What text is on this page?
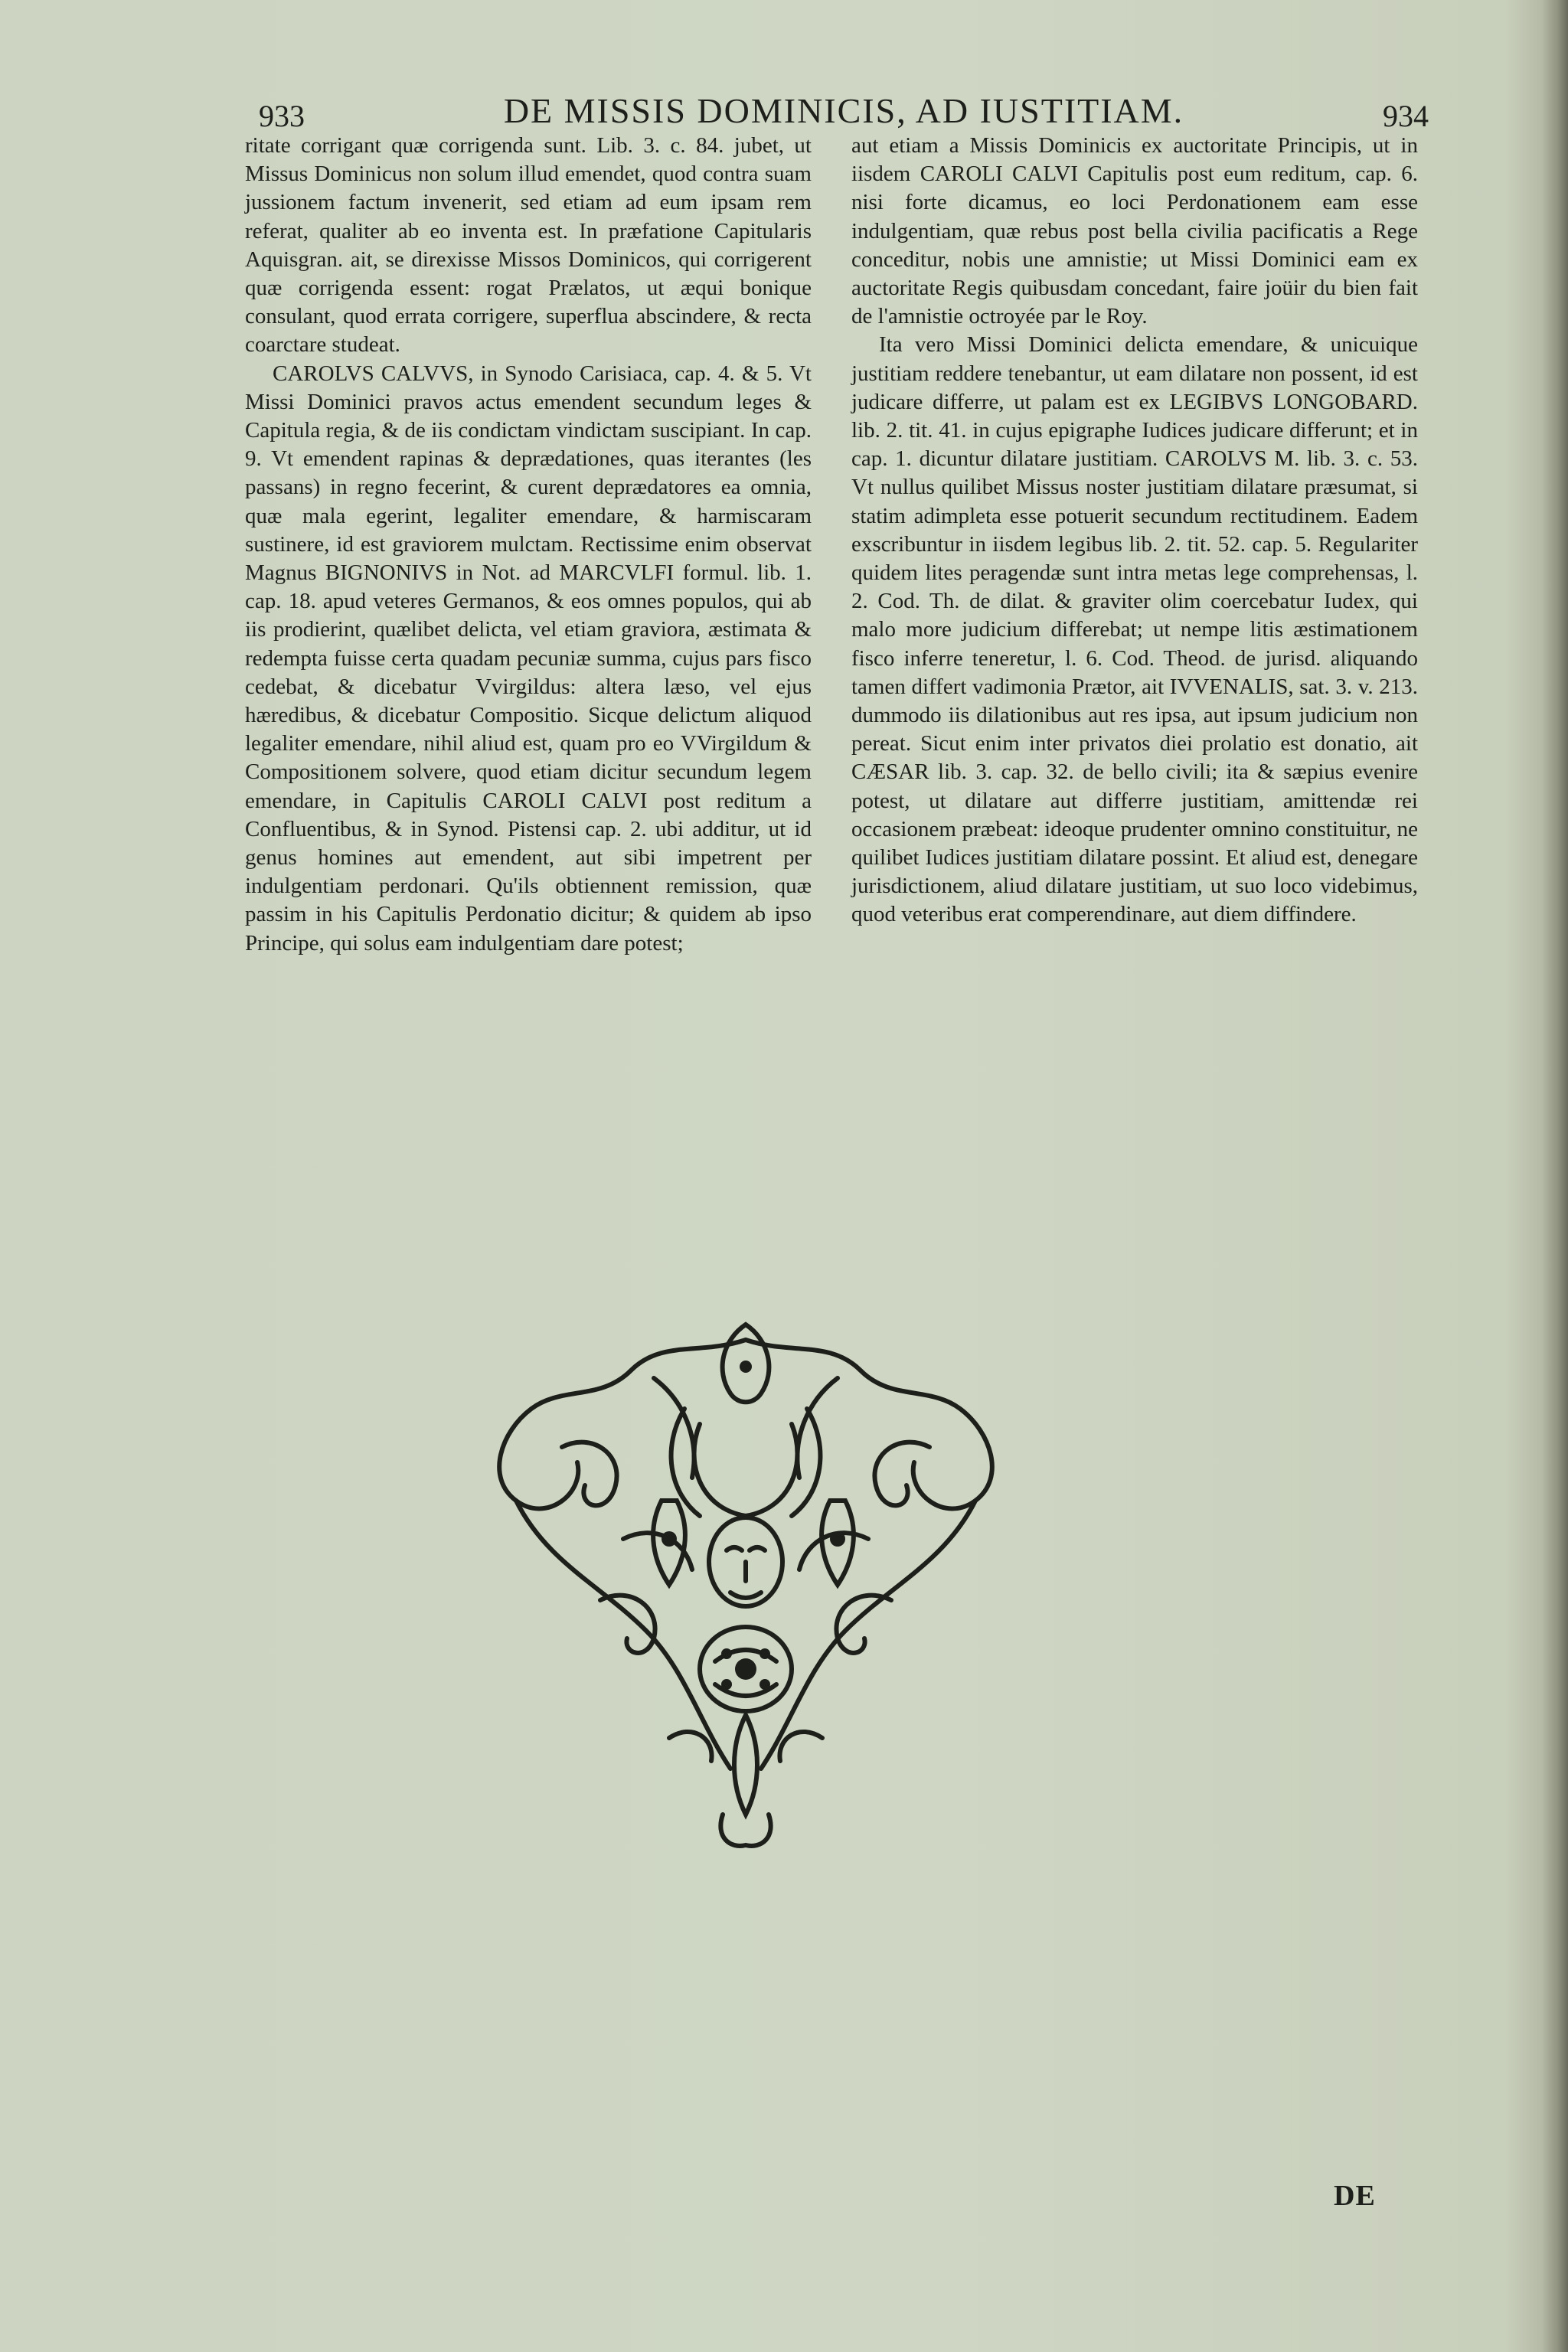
933	DE MISSIS DOMINICIS, AD IUSTITIAM.	934

ritate corrigant quæ corrigenda sunt. Lib. 3. c. 84. jubet, ut Missus Dominicus non solum illud emendet, quod contra suam jussionem factum invenerit, sed etiam ad eum ipsam rem referat, qualiter ab eo inventa est. In præfatione Capitularis Aquisgran. ait, se direxisse Missos Dominicos, qui corrigerent quæ corrigenda essent: rogat Prælatos, ut æqui bonique consulant, quod errata corrigere, superflua abscindere, & recta coarctare studeat.

CAROLVS CALVVS, in Synodo Carisiaca, cap. 4. & 5. Vt Missi Dominici pravos actus emendent secundum leges & Capitula regia, & de iis condictam vindictam suscipiant. In cap. 9. Vt emendent rapinas & deprædationes, quas iterantes (les passans) in regno fecerint, & curent deprædatores ea omnia, quæ mala egerint, legaliter emendare, & harmiscaram sustinere, id est graviorem mulctam. Rectissime enim observat Magnus BIGNONIVS in Not. ad MARCVLFI formul. lib. 1. cap. 18. apud veteres Germanos, & eos omnes populos, qui ab iis prodierint, quælibet delicta, vel etiam graviora, æstimata & redempta fuisse certa quadam pecuniæ summa, cujus pars fisco cedebat, & dicebatur Vvirgildus: altera læso, vel ejus hæredibus, & dicebatur Compositio. Sicque delictum aliquod legaliter emendare, nihil aliud est, quam pro eo VVirgildum & Compositionem solvere, quod etiam dicitur secundum legem emendare, in Capitulis CAROLI CALVI post reditum a Confluentibus, & in Synod. Pistensi cap. 2. ubi additur, ut id genus homines aut emendent, aut sibi impetrent per indulgentiam perdonari. Qu'ils obtiennent remission, quæ passim in his Capitulis Perdonatio dicitur; & quidem ab ipso Principe, qui solus eam indulgentiam dare potest;

aut etiam a Missis Dominicis ex auctoritate Principis, ut in iisdem CAROLI CALVI Capitulis post eum reditum, cap. 6. nisi forte dicamus, eo loci Perdonationem eam esse indulgentiam, quæ rebus post bella civilia pacificatis a Rege conceditur, nobis une amnistie; ut Missi Dominici eam ex auctoritate Regis quibusdam concedant, faire joüir du bien fait de l'amnistie octroyée par le Roy.

Ita vero Missi Dominici delicta emendare, & unicuique justitiam reddere tenebantur, ut eam dilatare non possent, id est judicare differre, ut palam est ex LEGIBVS LONGOBARD. lib. 2. tit. 41. in cujus epigraphe Iudices judicare differunt; et in cap. 1. dicuntur dilatare justitiam. CAROLVS M. lib. 3. c. 53. Vt nullus quilibet Missus noster justitiam dilatare præsumat, si statim adimpleta esse potuerit secundum rectitudinem. Eadem exscribuntur in iisdem legibus lib. 2. tit. 52. cap. 5. Regulariter quidem lites peragendæ sunt intra metas lege comprehensas, l. 2. Cod. Th. de dilat. & graviter olim coercebatur Iudex, qui malo more judicium differebat; ut nempe litis æstimationem fisco inferre teneretur, l. 6. Cod. Theod. de jurisd. aliquando tamen differt vadimonia Prætor, ait IVVENALIS, sat. 3. v. 213. dummodo iis dilationibus aut res ipsa, aut ipsum judicium non pereat. Sicut enim inter privatos diei prolatio est donatio, ait CÆSAR lib. 3. cap. 32. de bello civili; ita & sæpius evenire potest, ut dilatare aut differre justitiam, amittendæ rei occasionem præbeat: ideoque prudenter omnino constituitur, ne quilibet Iudices justitiam dilatare possint. Et aliud est, denegare jurisdictionem, aliud dilatare justitiam, ut suo loco videbimus, quod veteribus erat comperendinare, aut diem diffindere.

DE
